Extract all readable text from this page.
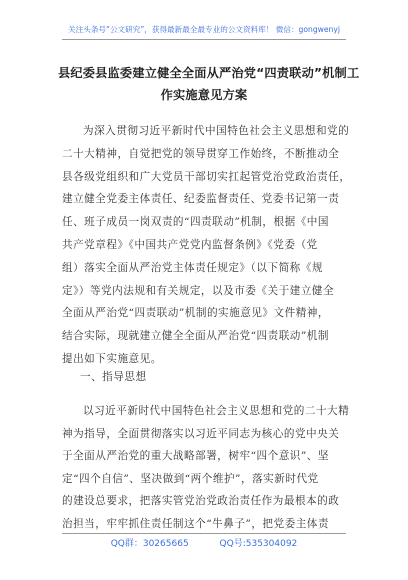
关注头条号“公文研究”，获得最新最全最专业的公文资料库！ 微信：gongwenyj
县纪委县监委建立健全全面从严治党“四责联动”机制工
作实施意见方案
为深入贯彻习近平新时代中国特色社会主义思想和党的
二十大精神，自觉把党的领导贯穿工作始终，不断推动全
县各级党组织和广大党员干部切实扛起管党治党政治责任，
建立健全党委主体责任、纪委监督责任、党委书记第一责
任、班子成员一岗双责的“四责联动”机制，根据《中国
共产党章程》《中国共产党党内监督条例》《党委（党
组）落实全面从严治党主体责任规定》（以下简称《规
定》）等党内法规和有关规定，以及市委《关于建立健全
全面从严治党“四责联动”机制的实施意见》文件精神，
结合实际，现就建立健全全面从严治党“四责联动”机制
提出如下实施意见。
一、指导思想
以习近平新时代中国特色社会主义思想和党的二十大精
神为指导，全面贯彻落实以习近平同志为核心的党中央关
于全面从严治党的重大战略部署，树牢“四个意识”、坚
定“四个自信”、坚决做到“两个维护”，落实新时代党
的建设总要求，把落实管党治党政治责任作为最根本的政
治担当，牢牢抓住责任制这个“牛鼻子”，把党委主体责
QQ群：30265665	QQ号:535304092
